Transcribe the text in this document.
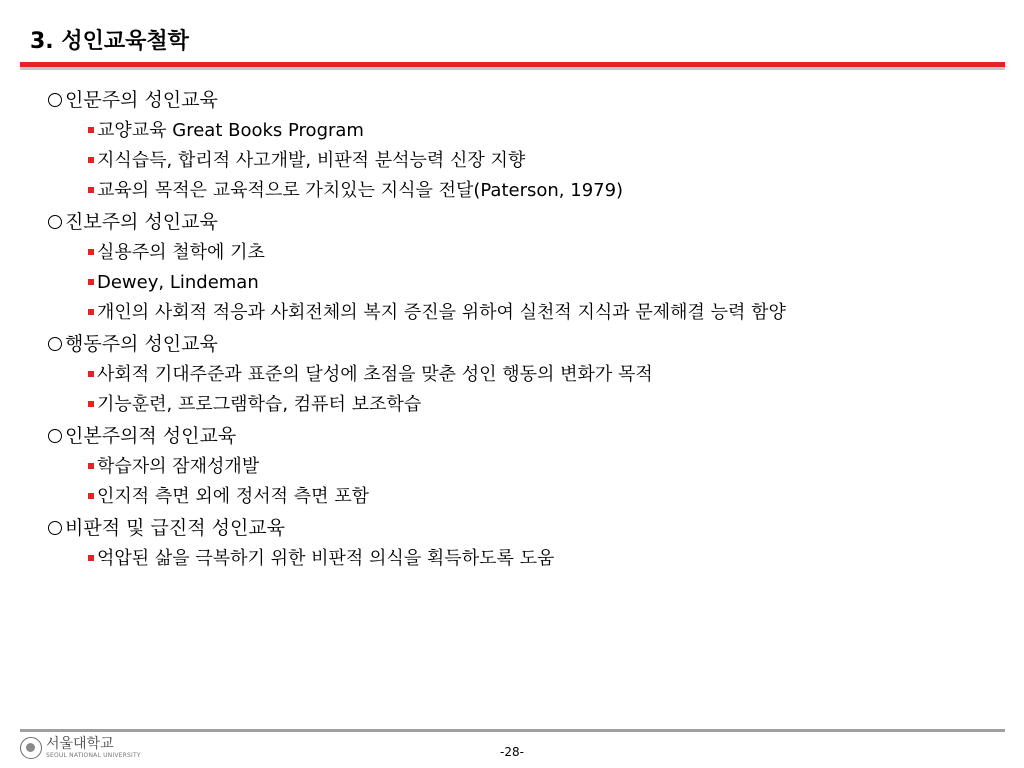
3. 성인교육철학
인문주의 성인교육
교양교육 Great Books Program
지식습득, 합리적 사고개발, 비판적 분석능력 신장 지향
교육의 목적은 교육적으로 가치있는 지식을 전달(Paterson, 1979)
진보주의 성인교육
실용주의 철학에 기초
Dewey, Lindeman
개인의 사회적 적응과 사회전체의 복지 증진을 위하여 실천적 지식과 문제해결 능력 함양
행동주의 성인교육
사회적 기대주준과 표준의 달성에 초점을 맞춘 성인 행동의 변화가 목적
기능훈련, 프로그램학습, 컴퓨터 보조학습
인본주의적 성인교육
학습자의 잠재성개발
인지적 측면 외에 정서적 측면 포함
비판적 및 급진적 성인교육
억압된 삶을 극복하기 위한 비판적 의식을 획득하도록 도움
서울대학교
SEOUL NATIONAL UNIVERSITY	-28-
